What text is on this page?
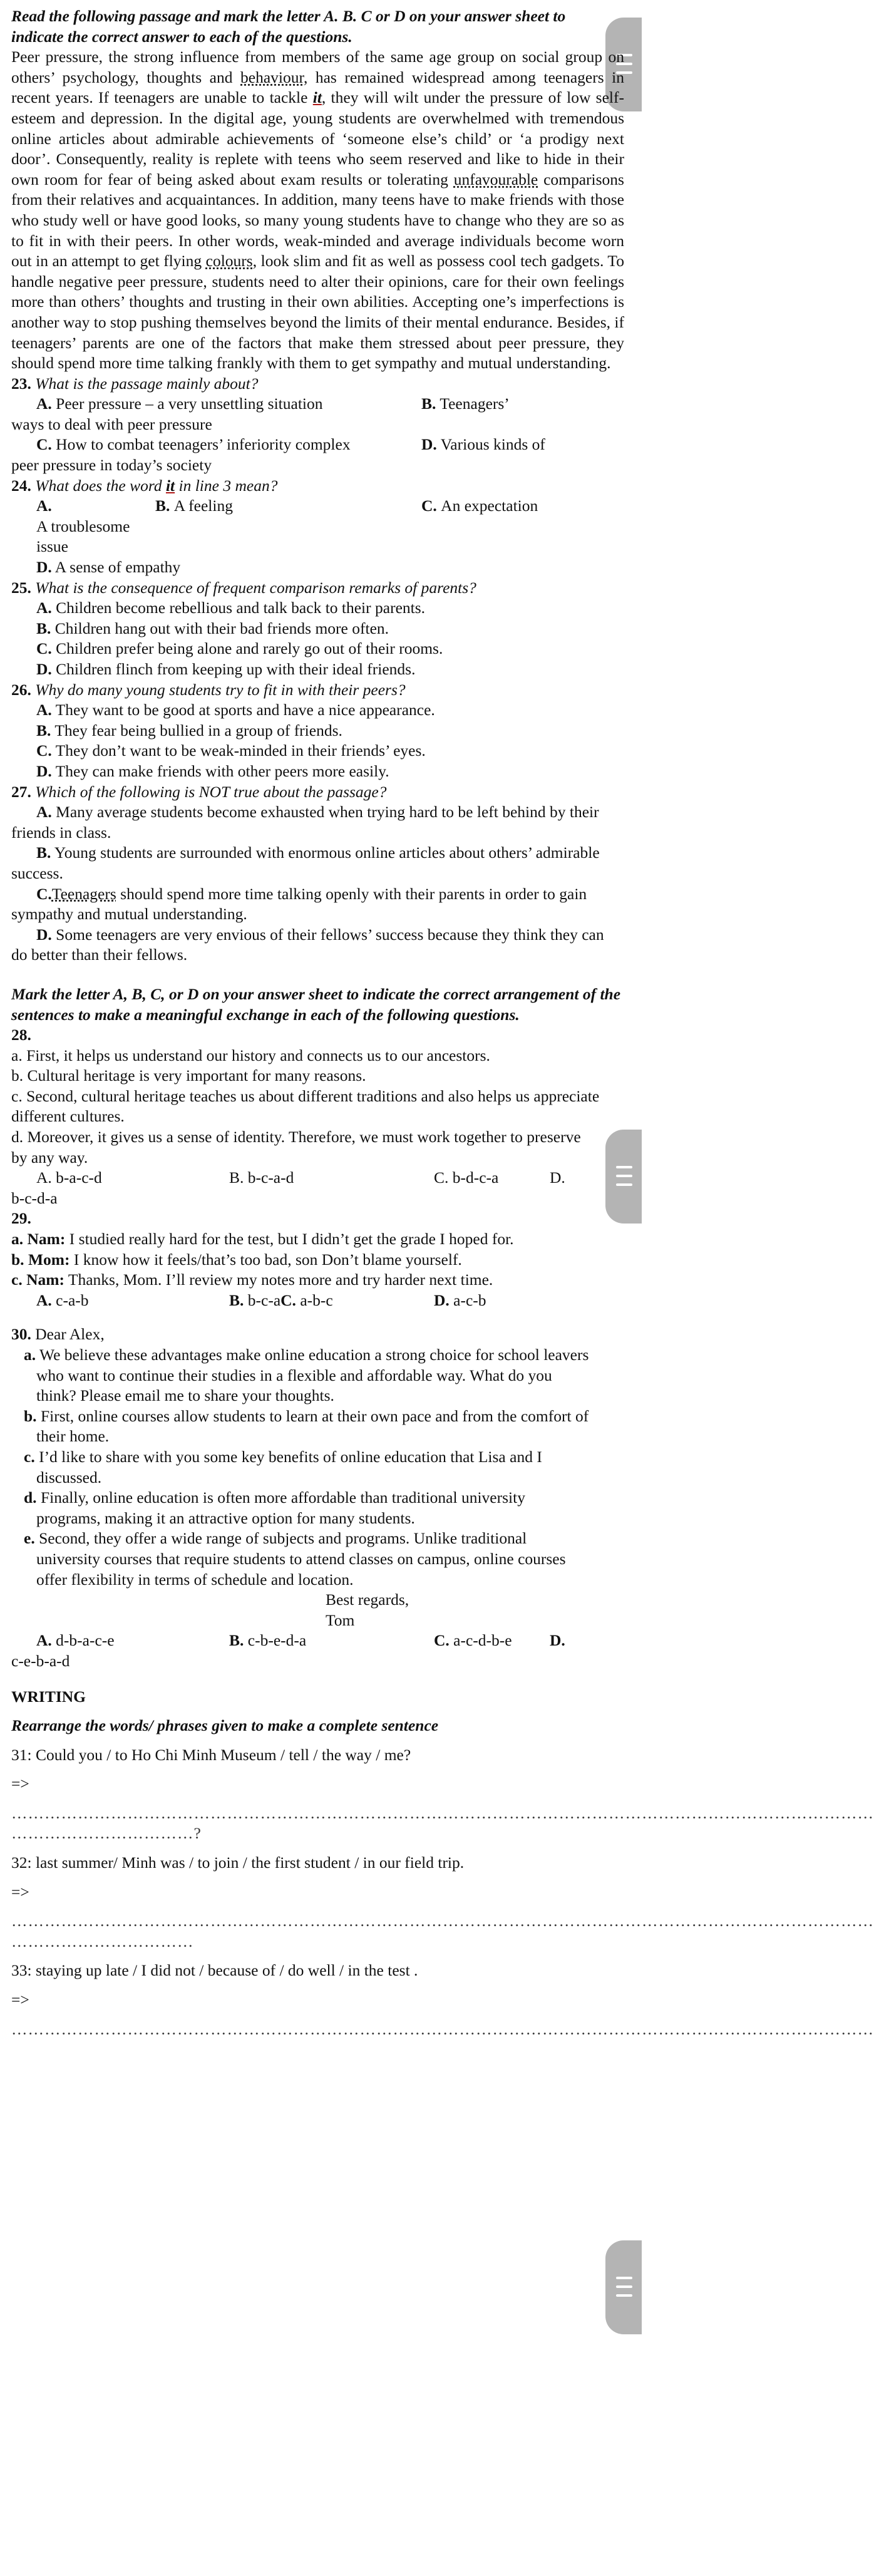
Read the following passage and mark the letter A. B. C or D on your answer sheet to indicate the correct answer to each of the questions.

Peer pressure, the strong influence from members of the same age group on social group on others’ psychology, thoughts and behaviour, has remained widespread among teenagers in recent years. If teenagers are unable to tackle it, they will wilt under the pressure of low self-esteem and depression. In the digital age, young students are overwhelmed with tremendous online articles about admirable achievements of ‘someone else’s child’ or ‘a prodigy next door’. Consequently, reality is replete with teens who seem reserved and like to hide in their own room for fear of being asked about exam results or tolerating unfavourable comparisons from their relatives and acquaintances. In addition, many teens have to make friends with those who study well or have good looks, so many young students have to change who they are so as to fit in with their peers. In other words, weak-minded and average individuals become worn out in an attempt to get flying colours, look slim and fit as well as possess cool tech gadgets. To handle negative peer pressure, students need to alter their opinions, care for their own feelings more than others’ thoughts and trusting in their own abilities. Accepting one’s imperfections is another way to stop pushing themselves beyond the limits of their mental endurance. Besides, if teenagers’ parents are one of the factors that make them stressed about peer pressure, they should spend more time talking frankly with them to get sympathy and mutual understanding.

23. What is the passage mainly about?

A. Peer pressure – a very unsettling situation	B. Teenagers’

ways to deal with peer pressure

C. How to combat teenagers’ inferiority complex	D. Various kinds of

peer pressure in today’s society

24. What does the word it in line 3 mean?

A. A troublesome issue
B. A feeling	C. An expectation

D. A sense of empathy

25. What is the consequence of frequent comparison remarks of parents?

A. Children become rebellious and talk back to their parents.

B. Children hang out with their bad friends more often.

C. Children prefer being alone and rarely go out of their rooms.

D. Children flinch from keeping up with their ideal friends.

26. Why do many young students try to fit in with their peers?

A. They want to be good at sports and have a nice appearance.

B. They fear being bullied in a group of friends.

C. They don’t want to be weak-minded in their friends’ eyes.

D. They can make friends with other peers more easily.

27. Which of the following is NOT true about the passage?

A. Many average students become exhausted when trying hard to be left behind by their friends in class.

B. Young students are surrounded with enormous online articles about others’ admirable success.

C.Teenagers should spend more time talking openly with their parents in order to gain sympathy and mutual understanding.

D. Some teenagers are very envious of their fellows’ success because they think they can do better than their fellows.

Mark the letter A, B, C, or D on your answer sheet to indicate the correct arrangement of the sentences to make a meaningful exchange in each of the following questions.

28.

a. First, it helps us understand our history and connects us to our ancestors.

b. Cultural heritage is very important for many reasons.

c. Second, cultural heritage teaches us about different traditions and also helps us appreciate different cultures.

d. Moreover, it gives us a sense of identity. Therefore, we must work together to preserve by any way.

A. b-a-c-d	B. b-c-a-d	C. b-d-c-a	D.

b-c-d-a

29.

a. Nam: I studied really hard for the test, but I didn’t get the grade I hoped for.

b. Mom: I know how it feels/that’s too bad, son Don’t blame yourself.

c. Nam: Thanks, Mom. I’ll review my notes more and try harder next time.

A. c-a-b	B. b-c-aC. a-b-c	D. a-c-b

30. Dear Alex,

a. We believe these advantages make online education a strong choice for school leavers who want to continue their studies in a flexible and affordable way. What do you think? Please email me to share your thoughts.

b. First, online courses allow students to learn at their own pace and from the comfort of their home.

c. I’d like to share with you some key benefits of online education that Lisa and I discussed.

d. Finally, online education is often more affordable than traditional university programs, making it an attractive option for many students.

e. Second, they offer a wide range of subjects and programs. Unlike traditional university courses that require students to attend classes on campus, online courses offer flexibility in terms of schedule and location.

Best regards,

Tom

A. d-b-a-c-e	B. c-b-e-d-a	C. a-c-d-b-e	D.

c-e-b-a-d

WRITING

Rearrange the words/ phrases given to make a complete sentence

31: Could you / to Ho Chi Minh Museum / tell / the way / me?

=>

…………………………………………………………………………………………………………………………………………

……………………………?

32: last summer/ Minh was / to join / the first student / in our field trip.

=>

…………………………………………………………………………………………………………………………………………

……………………………

33: staying up late / I did not / because of / do well / in the test .

=>

…………………………………………………………………………………………………………………………………………
